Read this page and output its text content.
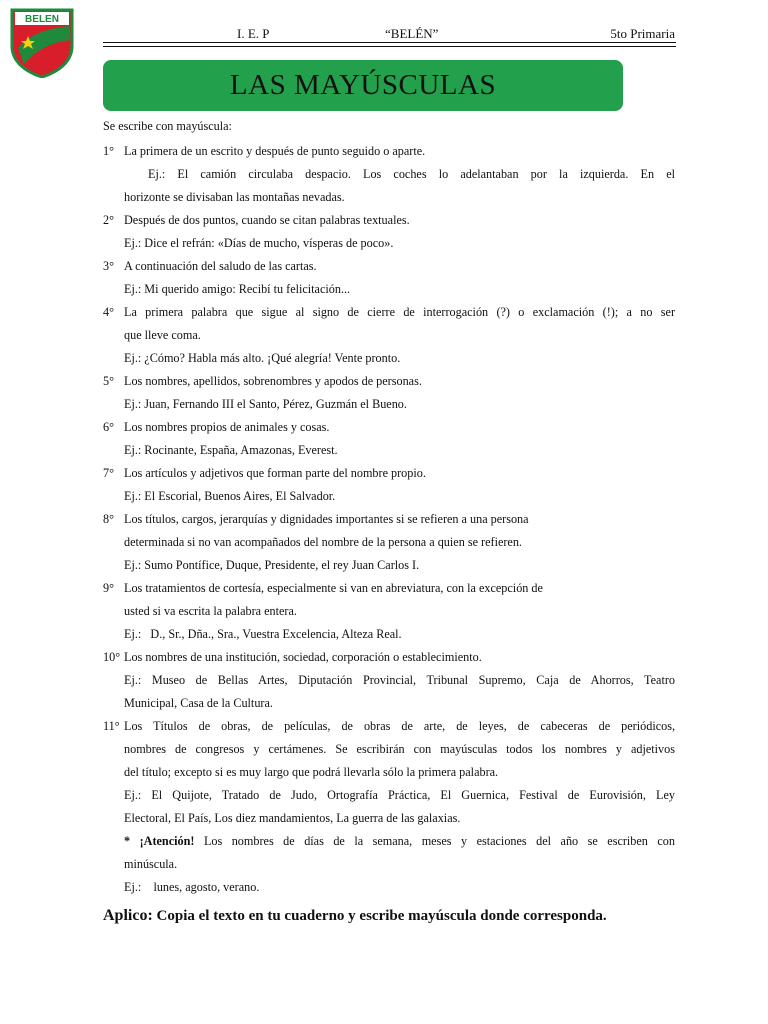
BELEN
I. E. P	“BELÉN”	5to Primaria
LAS MAYÚSCULAS
Se escribe con mayúscula:
1° La primera de un escrito y después de punto seguido o aparte.
Ej.: El camión circulaba despacio. Los coches lo adelantaban por la izquierda. En el
horizonte se divisaban las montañas nevadas.
2° Después de dos puntos, cuando se citan palabras textuales.
Ej.: Dice el refrán: «Días de mucho, vísperas de poco».
3° A continuación del saludo de las cartas.
Ej.: Mi querido amigo: Recibí tu felicitación...
4° La primera palabra que sigue al signo de cierre de interrogación (?) o exclamación (!); a no ser
que lleve coma.
Ej.: ¿Cómo? Habla más alto. ¡Qué alegría! Vente pronto.
5° Los nombres, apellidos, sobrenombres y apodos de personas.
Ej.: Juan, Fernando III el Santo, Pérez, Guzmán el Bueno.
6° Los nombres propios de animales y cosas.
Ej.: Rocinante, España, Amazonas, Everest.
7° Los artículos y adjetivos que forman parte del nombre propio.
Ej.: El Escorial, Buenos Aires, El Salvador.
8° Los títulos, cargos, jerarquías y dignidades importantes si se refieren a una persona
determinada si no van acompañados del nombre de la persona a quien se refieren.
Ej.: Sumo Pontífice, Duque, Presidente, el rey Juan Carlos I.
9° Los tratamientos de cortesía, especialmente si van en abreviatura, con la excepción de
usted si va escrita la palabra entera.
Ej.:   D., Sr., Dña., Sra., Vuestra Excelencia, Alteza Real.
10° Los nombres de una institución, sociedad, corporación o establecimiento.
Ej.: Museo de Bellas Artes, Diputación Provincial, Tribunal Supremo, Caja de Ahorros, Teatro
Municipal, Casa de la Cultura.
11° Los Títulos de obras, de películas, de obras de arte, de leyes, de cabeceras de periódicos,
nombres de congresos y certámenes. Se escribirán con mayúsculas todos los nombres y adjetivos
del título; excepto si es muy largo que podrá llevarla sólo la primera palabra.
Ej.: El Quijote, Tratado de Judo, Ortografía Práctica, El Guernica, Festival de Eurovisión, Ley
Electoral, El País, Los diez mandamientos, La guerra de las galaxias.
* ¡Atención! Los nombres de días de la semana, meses y estaciones del año se escriben con
minúscula.
Ej.:    lunes, agosto, verano.
Aplico: Copia el texto en tu cuaderno y escribe mayúscula donde corresponda.
